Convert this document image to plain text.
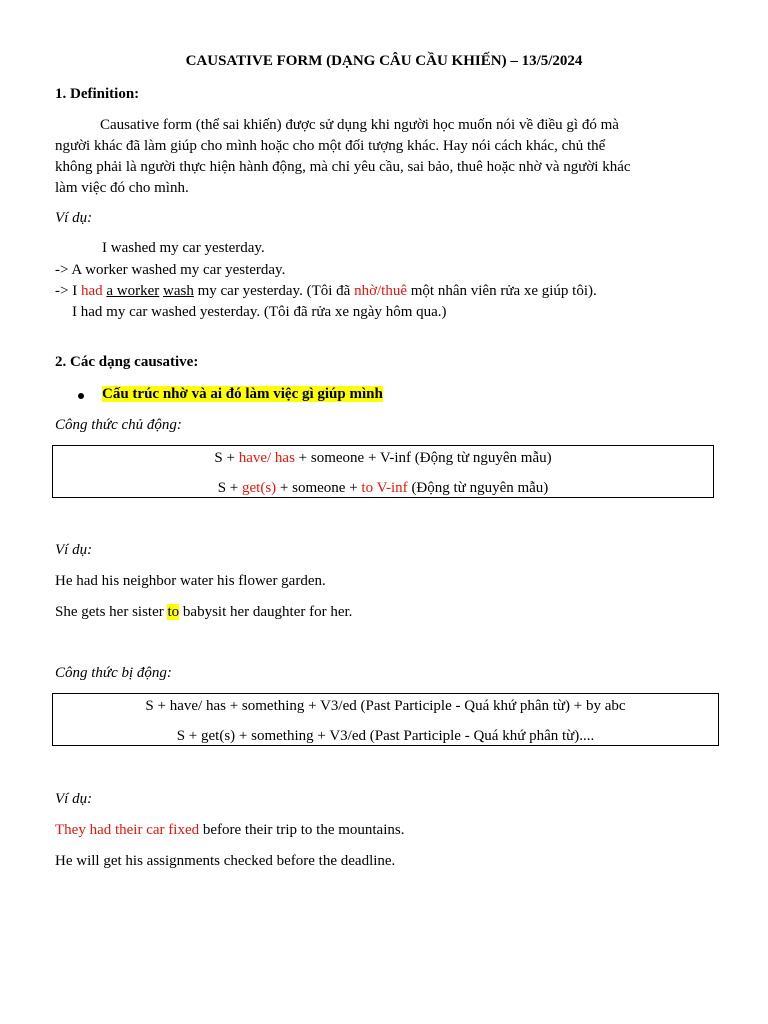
CAUSATIVE FORM (DẠNG CÂU CẦU KHIẾN) – 13/5/2024
1. Definition:
Causative form (thể sai khiến) được sử dụng khi người học muốn nói về điều gì đó mà
người khác đã làm giúp cho mình hoặc cho một đối tượng khác. Hay nói cách khác, chủ thể
không phải là người thực hiện hành động, mà chỉ yêu cầu, sai bảo, thuê hoặc nhờ và người khác
làm việc đó cho mình.
Ví dụ:
I washed my car yesterday.
-> A worker washed my car yesterday.
-> I had a worker wash my car yesterday. (Tôi đã nhờ/thuê một nhân viên rửa xe giúp tôi).
I had my car washed yesterday. (Tôi đã rửa xe ngày hôm qua.)
2. Các dạng causative:
Cấu trúc nhờ và ai đó làm việc gì giúp mình
Công thức chủ động:
S + have/ has + someone + V-inf (Động từ nguyên mẫu)
S + get(s) + someone + to V-inf (Động từ nguyên mẫu)
Ví dụ:
He had his neighbor water his flower garden.
She gets her sister to babysit her daughter for her.
Công thức bị động:
S + have/ has + something + V3/ed (Past Participle - Quá khứ phân từ) + by abc
S + get(s) + something + V3/ed (Past Participle - Quá khứ phân từ)....
Ví dụ:
They had their car fixed before their trip to the mountains.
He will get his assignments checked before the deadline.
